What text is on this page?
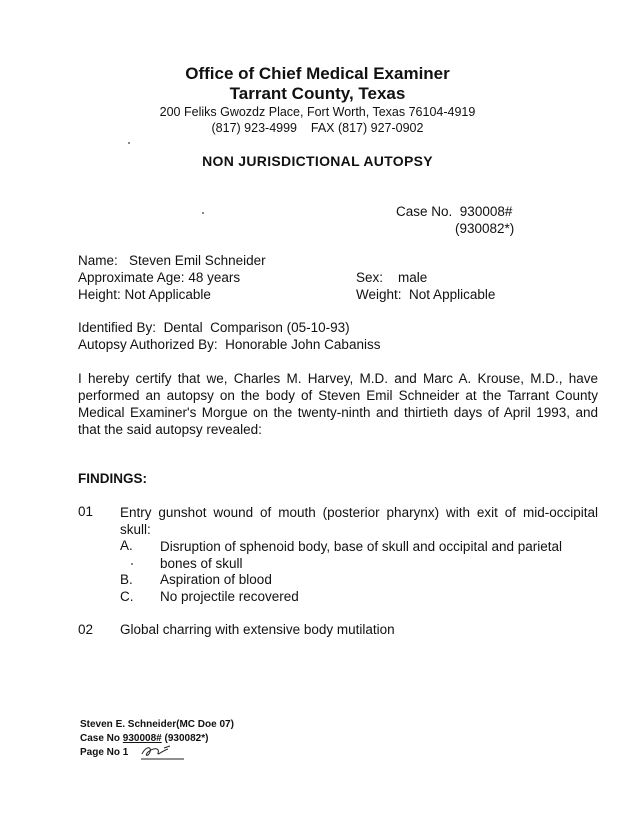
Office of Chief Medical Examiner
Tarrant County, Texas
200 Feliks Gwozdz Place, Fort Worth, Texas 76104-4919
(817) 923-4999    FAX (817) 927-0902
NON JURISDICTIONAL AUTOPSY
Case No. 930008#
(930082*)
Name: Steven Emil Schneider
Approximate Age: 48 years	Sex: male
Height: Not Applicable	Weight: Not Applicable
Identified By: Dental  Comparison (05-10-93)
Autopsy Authorized By: Honorable John Cabaniss
I hereby certify that we, Charles M. Harvey, M.D. and Marc A. Krouse, M.D., have performed an autopsy on the body of Steven Emil Schneider at the Tarrant County Medical Examiner's Morgue on the twenty-ninth and thirtieth days of April 1993, and that the said autopsy revealed:
FINDINGS:
01 Entry gunshot wound of mouth (posterior pharynx) with exit of mid-occipital skull:
A. Disruption of sphenoid body, base of skull and occipital and parietal bones of skull
B. Aspiration of blood
C. No projectile recovered
02 Global charring with extensive body mutilation
Steven E. Schneider(MC Doe 07)
Case No 930008# (930082*)
Page No 1
